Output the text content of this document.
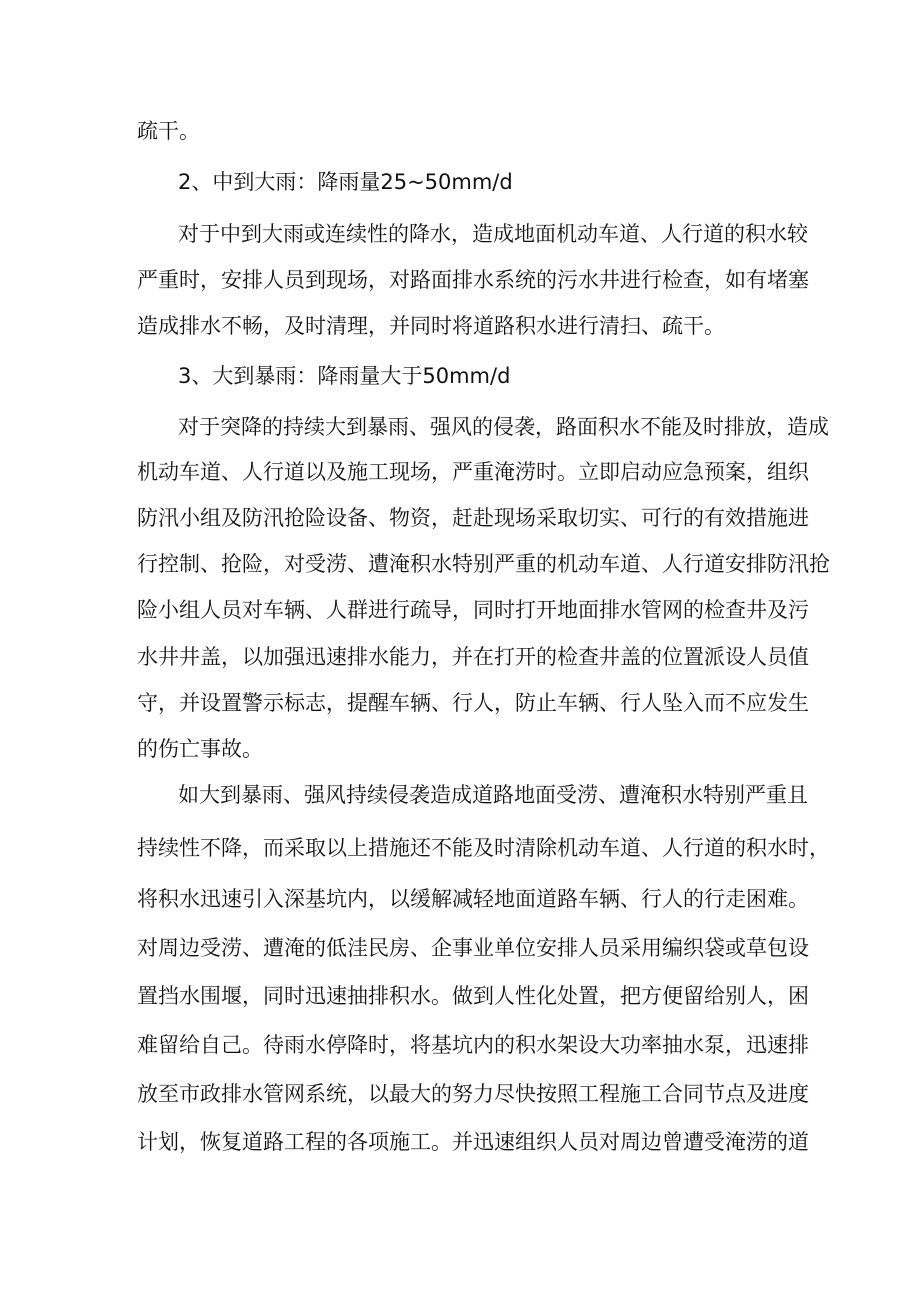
疏干。
2、中到大雨：降雨量25~50mm/d
对于中到大雨或连续性的降水，造成地面机动车道、人行道的积水较
严重时，安排人员到现场，对路面排水系统的污水井进行检查，如有堵塞
造成排水不畅，及时清理，并同时将道路积水进行清扫、疏干。
3、大到暴雨：降雨量大于50mm/d
对于突降的持续大到暴雨、强风的侵袭，路面积水不能及时排放，造成
机动车道、人行道以及施工现场，严重淹涝时。立即启动应急预案，组织
防汛小组及防汛抢险设备、物资，赶赴现场采取切实、可行的有效措施进
行控制、抢险，对受涝、遭淹积水特别严重的机动车道、人行道安排防汛抢
险小组人员对车辆、人群进行疏导，同时打开地面排水管网的检查井及污
水井井盖，以加强迅速排水能力，并在打开的检查井盖的位置派设人员值
守，并设置警示标志，提醒车辆、行人，防止车辆、行人坠入而不应发生
的伤亡事故。
如大到暴雨、强风持续侵袭造成道路地面受涝、遭淹积水特别严重且
持续性不降，而采取以上措施还不能及时清除机动车道、人行道的积水时，
将积水迅速引入深基坑内，以缓解减轻地面道路车辆、行人的行走困难。
对周边受涝、遭淹的低洼民房、企事业单位安排人员采用编织袋或草包设
置挡水围堰，同时迅速抽排积水。做到人性化处置，把方便留给别人，困
难留给自己。待雨水停降时，将基坑内的积水架设大功率抽水泵，迅速排
放至市政排水管网系统，以最大的努力尽快按照工程施工合同节点及进度
计划，恢复道路工程的各项施工。并迅速组织人员对周边曾遭受淹涝的道
